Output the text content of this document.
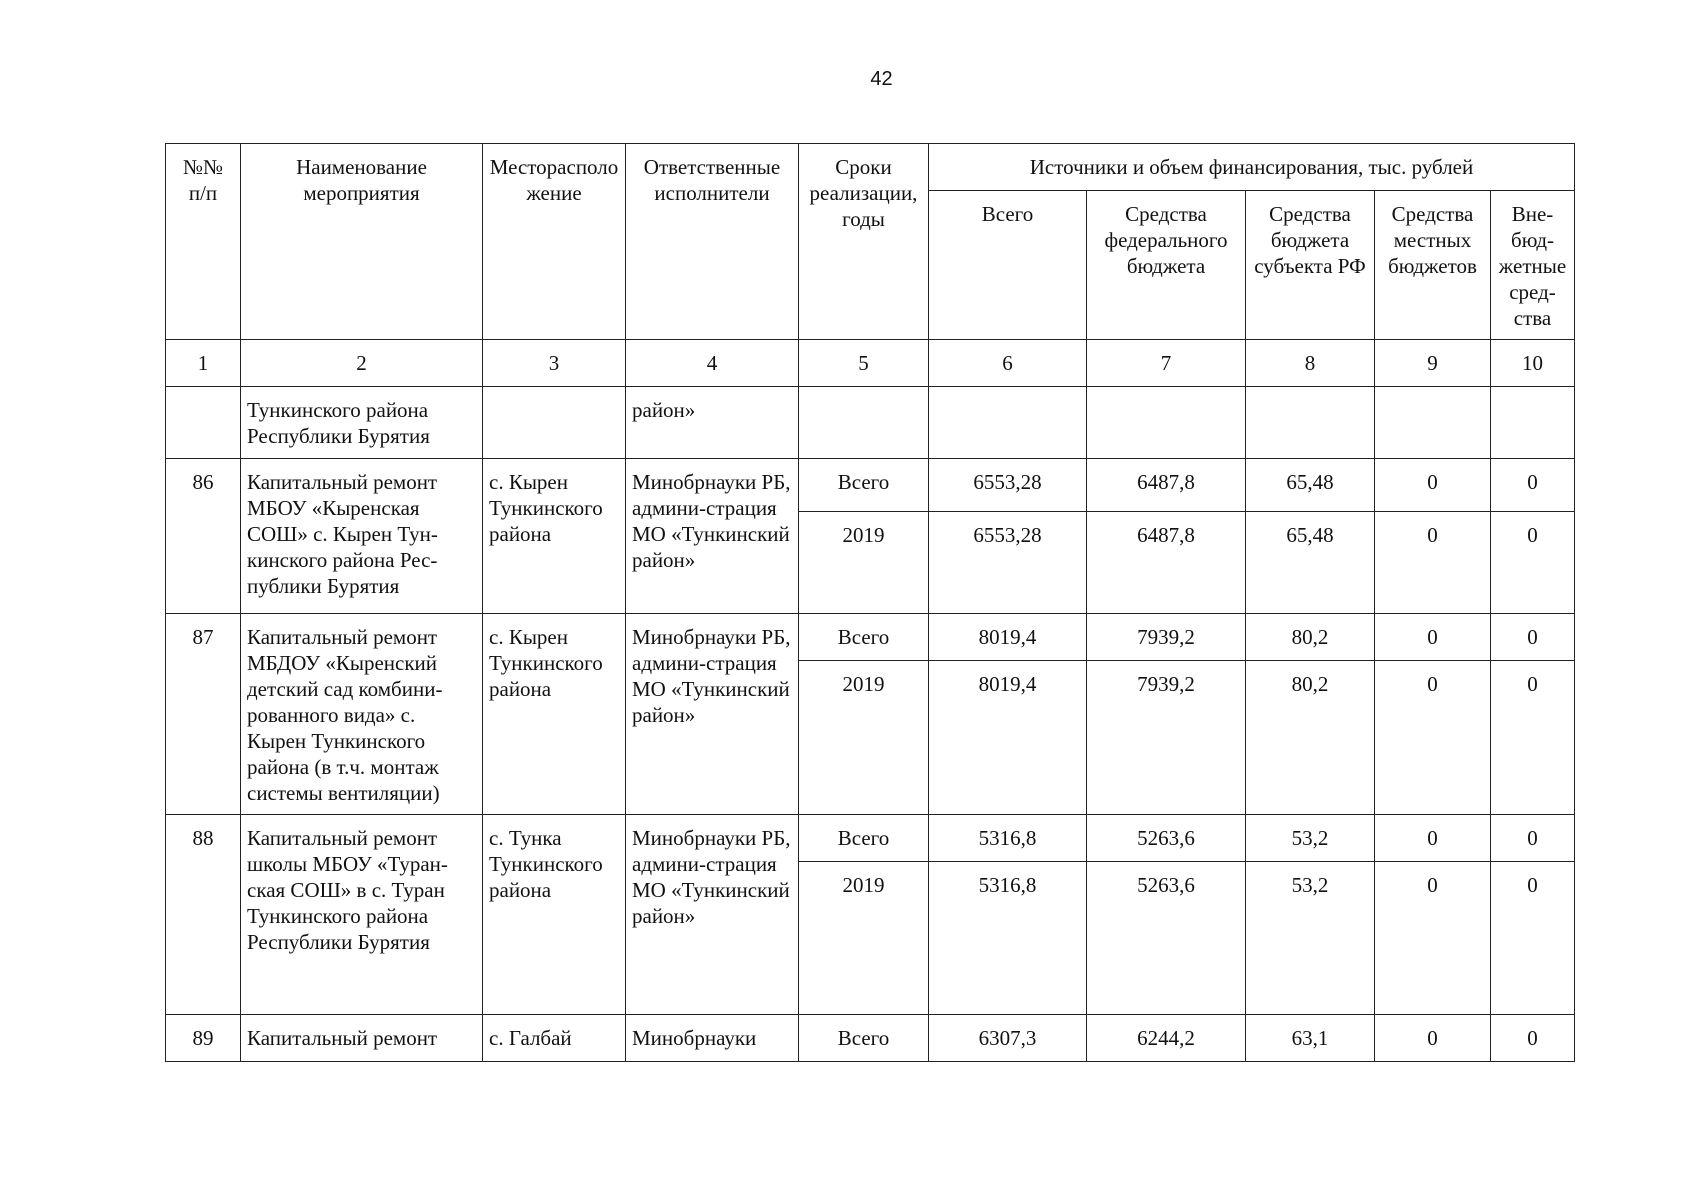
42
№№ п/п	Наименование мероприятия	Месторасположение	Ответственные исполнители	Сроки реализации, годы	Источники и объем финансирования, тыс. рублей				
					Всего	Средства федерального бюджета	Средства бюджета субъекта РФ	Средства местных бюджетов	Вне-бюд-жетные сред-ства
1	2	3	4	5	6	7	8	9	10
	Тункинского района Республики Бурятия		район»						
86	Капитальный ремонт МБОУ «Кыренская СОШ» с. Кырен Тун-кинского района Рес-публики Бурятия	с. Кырен Тункинского района	Минобрнауки РБ, админи-страция МО «Тункинский район»	Всего	6553,28	6487,8	65,48	0	0
				2019	6553,28	6487,8	65,48	0	0
87	Капитальный ремонт МБДОУ «Кыренский детский сад комбини-рованного вида» с. Кырен Тункинского района (в т.ч. монтаж системы вентиляции)	с. Кырен Тункинского района	Минобрнауки РБ, админи-страция МО «Тункинский район»	Всего	8019,4	7939,2	80,2	0	0
				2019	8019,4	7939,2	80,2	0	0
88	Капитальный ремонт школы МБОУ «Туран-ская СОШ» в с. Туран Тункинского района Республики Бурятия	с. Тунка Тункинского района	Минобрнауки РБ, админи-страция МО «Тункинский район»	Всего	5316,8	5263,6	53,2	0	0
				2019	5316,8	5263,6	53,2	0	0
89	Капитальный ремонт	с. Галбай	Минобрнауки	Всего	6307,3	6244,2	63,1	0	0
